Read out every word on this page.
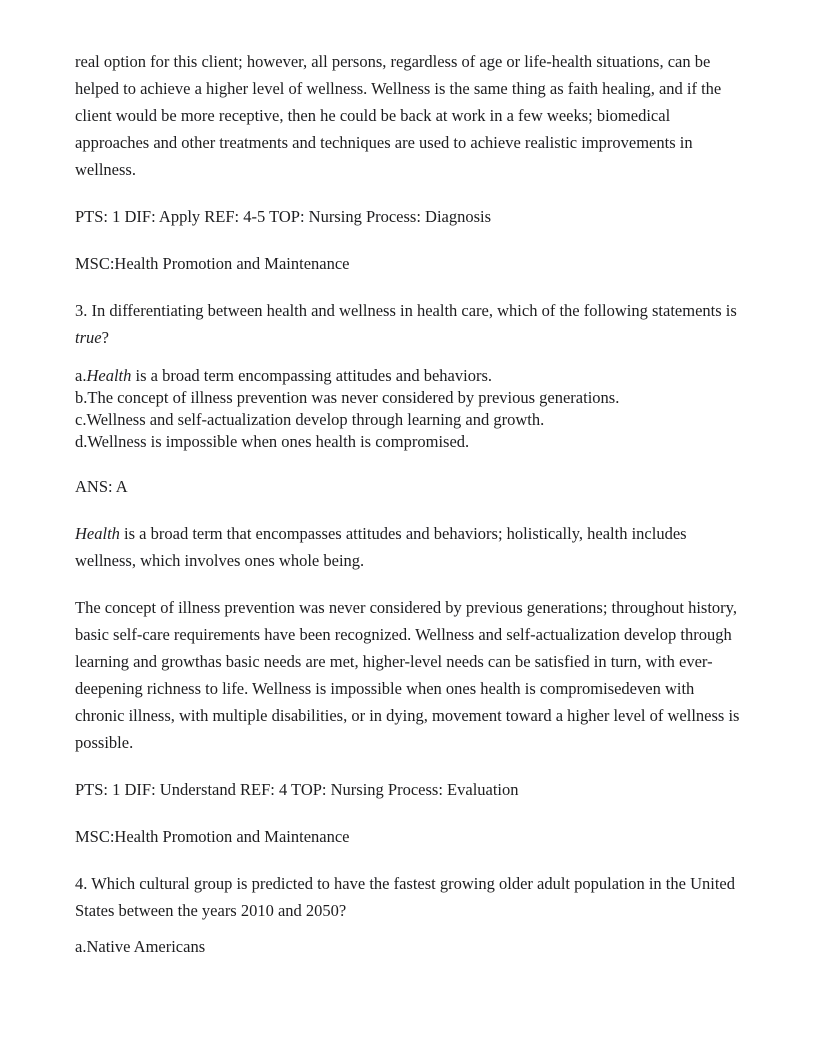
real option for this client; however, all persons, regardless of age or life-health situations, can be helped to achieve a higher level of wellness. Wellness is the same thing as faith healing, and if the client would be more receptive, then he could be back at work in a few weeks; biomedical approaches and other treatments and techniques are used to achieve realistic improvements in wellness.

PTS: 1 DIF: Apply REF: 4-5 TOP: Nursing Process: Diagnosis

MSC:Health Promotion and Maintenance

3. In differentiating between health and wellness in health care, which of the following statements is true?

a.Health is a broad term encompassing attitudes and behaviors.
b.The concept of illness prevention was never considered by previous generations.
c.Wellness and self-actualization develop through learning and growth.
d.Wellness is impossible when ones health is compromised.

ANS: A

Health is a broad term that encompasses attitudes and behaviors; holistically, health includes wellness, which involves ones whole being.

The concept of illness prevention was never considered by previous generations; throughout history, basic self-care requirements have been recognized. Wellness and self-actualization develop through learning and growthas basic needs are met, higher-level needs can be satisfied in turn, with ever-deepening richness to life. Wellness is impossible when ones health is compromisedeven with chronic illness, with multiple disabilities, or in dying, movement toward a higher level of wellness is possible.

PTS: 1 DIF: Understand REF: 4 TOP: Nursing Process: Evaluation

MSC:Health Promotion and Maintenance

4. Which cultural group is predicted to have the fastest growing older adult population in the United States between the years 2010 and 2050?

a.Native Americans
